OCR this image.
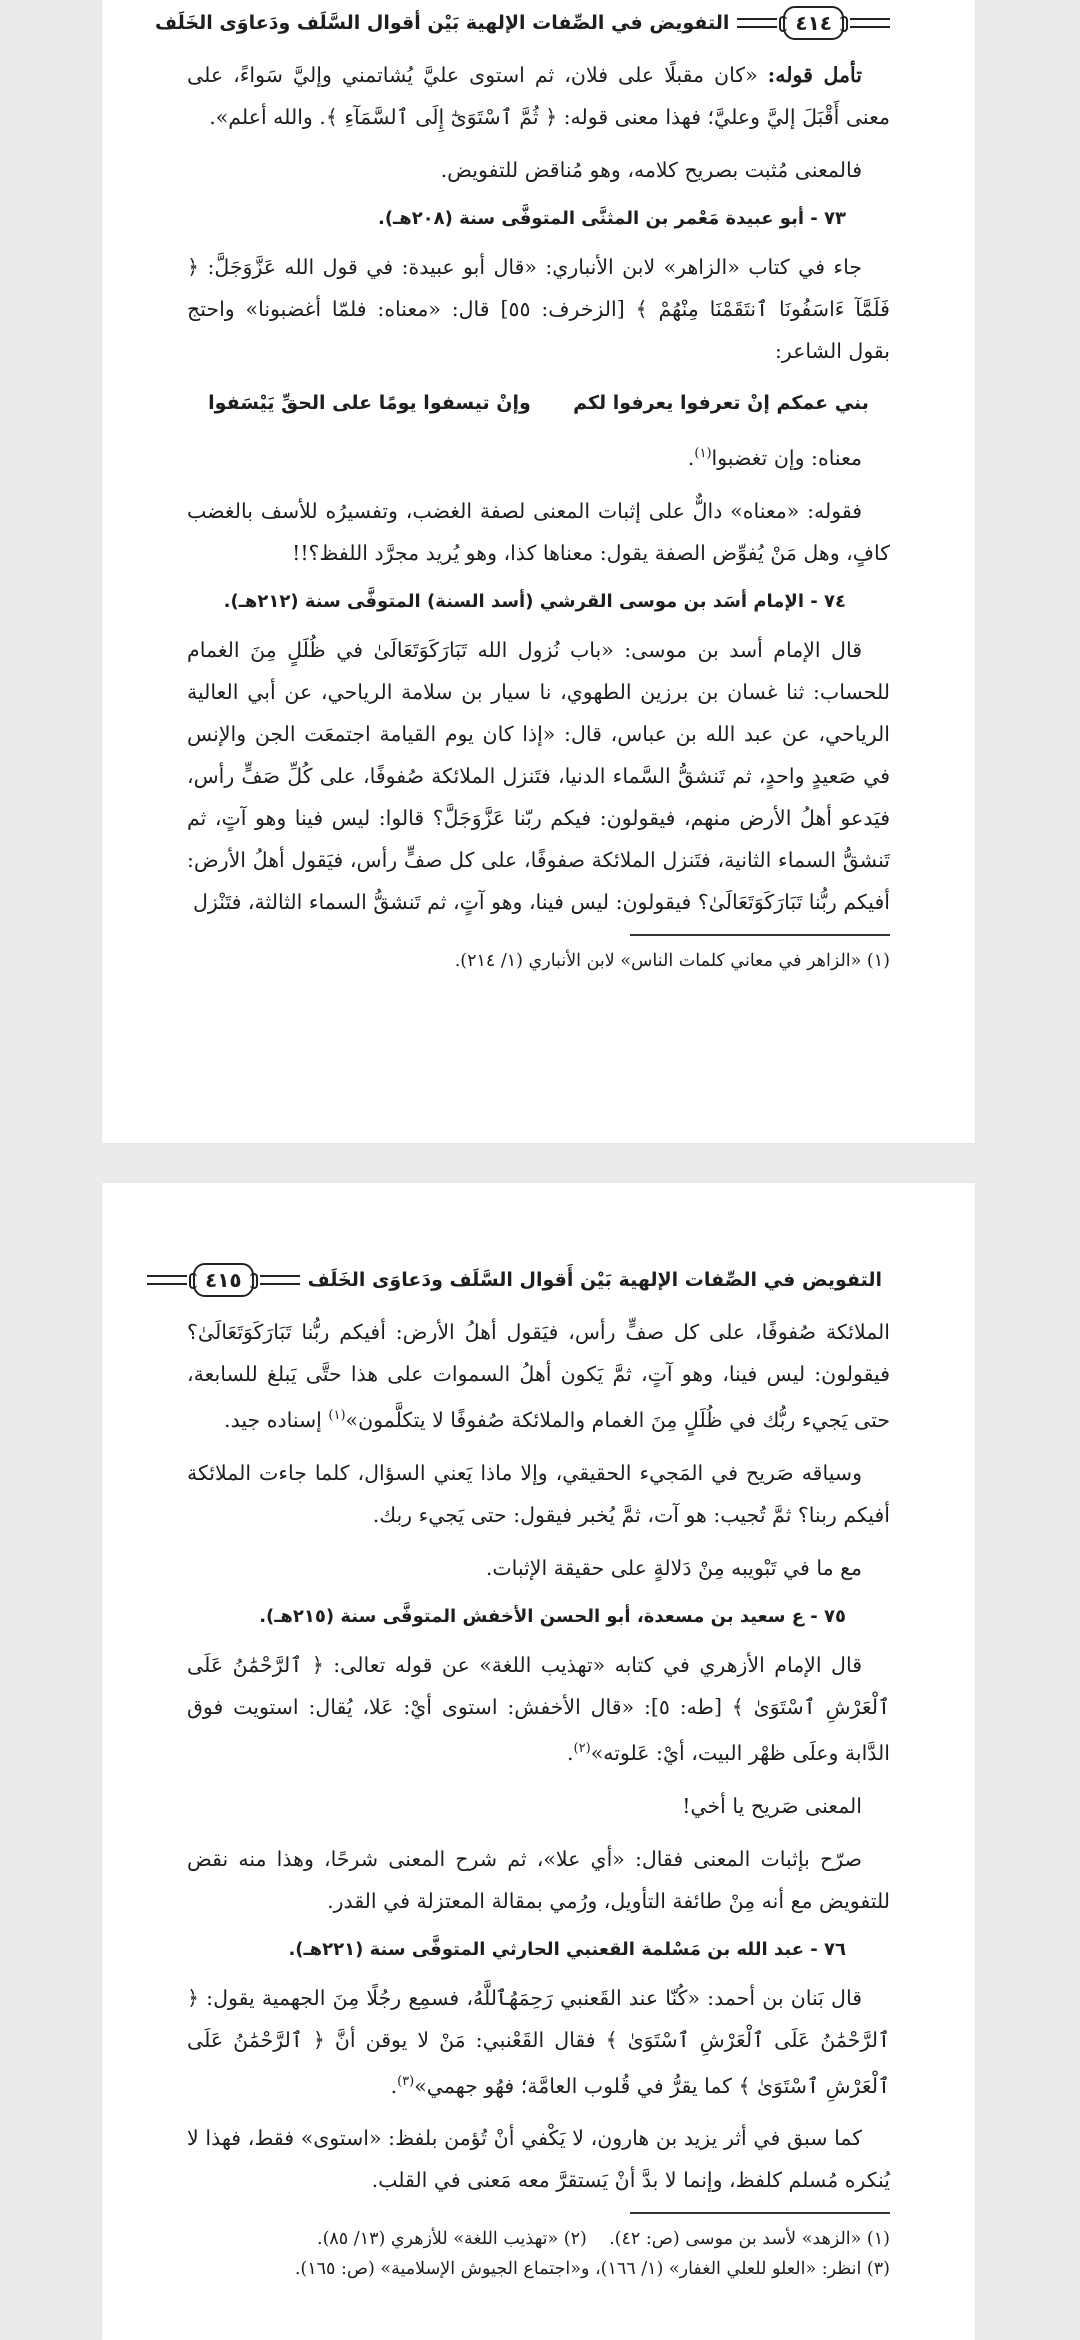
٤١٤
التفويض في الصِّفات الإلهية بَيْن أقوال السَّلَف ودَعاوَى الخَلَف

تأمل قوله: «كان مقبلًا على فلان، ثم استوى عليَّ يُشاتمني وإليَّ سَواءً، على معنى أَقْبَلَ إليَّ وعليَّ؛ فهذا معنى قوله: ﴿ ثُمَّ ٱسْتَوَىٰٓ إِلَى ٱلسَّمَآءِ ﴾. والله أعلم».

فالمعنى مُثبت بصريح كلامه، وهو مُناقض للتفويض.

٧٣ - أبو عبيدة مَعْمر بن المثنَّى المتوفَّى سنة (٢٠٨هـ).

جاء في كتاب «الزاهر» لابن الأنباري: «قال أبو عبيدة: في قول الله عَزَّوَجَلَّ: ﴿ فَلَمَّآ ءَاسَفُونَا ٱنتَقَمْنَا مِنْهُمْ ﴾ [الزخرف: ٥٥] قال: «معناه: فلمّا أغضبونا» واحتج بقول الشاعر:

بني عمكم إنْ تعرفوا يعرفوا لكم
وإنْ تيسفوا يومًا على الحقِّ يَيْسَفوا

معناه: وإن تغضبوا$^{(١)}$.

فقوله: «معناه» دالٌّ على إثبات المعنى لصفة الغضب، وتفسيرُه للأسف بالغضب كافٍ، وهل مَنْ يُفوِّض الصفة يقول: معناها كذا، وهو يُريد مجرَّد اللفظ؟!!

٧٤ - الإمام أسَد بن موسى القرشي (أسد السنة) المتوفَّى سنة (٢١٢هـ).

قال الإمام أسد بن موسى: «باب نُزول الله تَبَارَكَوَتَعَالَىٰ في ظُلَلٍ مِنَ الغمام للحساب: ثنا غسان بن برزين الطهوي، نا سيار بن سلامة الرياحي، عن أبي العالية الرياحي، عن عبد الله بن عباس، قال: «إذا كان يوم القيامة اجتمعَت الجن والإنس في صَعيدٍ واحدٍ، ثم تَنشقُّ السَّماء الدنيا، فتَنزل الملائكة صُفوفًا، على كُلِّ صَفٍّ رأس، فيَدعو أهلُ الأرض منهم، فيقولون: فيكم ربّنا عَزَّوَجَلَّ؟ قالوا: ليس فينا وهو آتٍ، ثم تَنشقُّ السماء الثانية، فتَنزل الملائكة صفوفًا، على كل صفٍّ رأس، فيَقول أهلُ الأرض: أفيكم ربُّنا تَبَارَكَوَتَعَالَىٰ؟ فيقولون: ليس فينا، وهو آتٍ، ثم تَنشقُّ السماء الثالثة، فتَنْزل

(١) «الزاهر في معاني كلمات الناس» لابن الأنباري (١/ ٢١٤).

التفويض في الصِّفات الإلهية بَيْن أَقوال السَّلَف ودَعاوَى الخَلَف
٤١٥

الملائكة صُفوفًا، على كل صفٍّ رأس، فيَقول أهلُ الأرض: أفيكم ربُّنا تَبَارَكَوَتَعَالَىٰ؟ فيقولون: ليس فينا، وهو آتٍ، ثمَّ يَكون أهلُ السموات على هذا حتَّى يَبلغ للسابعة، حتى يَجيء ربُّك في ظُلَلٍ مِنَ الغمام والملائكة صُفوفًا لا يتكلَّمون»$^{(١)}$ إسناده جيد.

وسياقه صَريح في المَجيء الحقيقي، وإلا ماذا يَعني السؤال، كلما جاءت الملائكة أفيكم ربنا؟ ثمَّ تُجيب: هو آت، ثمَّ يُخبر فيقول: حتى يَجيء ربك.

مع ما في تَبْويبه مِنْ دَلالةٍ على حقيقة الإثبات.

٧٥ - ع سعيد بن مسعدة، أبو الحسن الأخفش المتوفَّى سنة (٢١٥هـ).

قال الإمام الأزهري في كتابه «تهذيب اللغة» عن قوله تعالى: ﴿ ٱلرَّحْمَٰنُ عَلَى ٱلْعَرْشِ ٱسْتَوَىٰ ﴾ [طه: ٥]: «قال الأخفش: استوى أيْ: عَلا، يُقال: استويت فوق الدَّابة وعلَى ظهْر البيت، أيْ: عَلوته»$^{(٢)}$.

المعنى صَريح يا أخي!

صرّح بإثبات المعنى فقال: «أي علا»، ثم شرح المعنى شرحًا، وهذا منه نقض للتفويض مع أنه مِنْ طائفة التأويل، ورُمي بمقالة المعتزلة في القدر.

٧٦ - عبد الله بن مَسْلمة القعنبي الحارثي المتوفَّى سنة (٢٢١هـ).

قال بَنان بن أحمد: «كُنّا عند القَعنبي رَحِمَهُٱللَّهُ، فسمِع رجُلًا مِنَ الجهمية يقول: ﴿ ٱلرَّحْمَٰنُ عَلَى ٱلْعَرْشِ ٱسْتَوَىٰ ﴾ فقال القَعْنبي: مَنْ لا يوقن أنَّ ﴿ ٱلرَّحْمَٰنُ عَلَى ٱلْعَرْشِ ٱسْتَوَىٰ ﴾ كما يقرُّ في قُلوب العامَّة؛ فهُو جهمي»$^{(٣)}$.

كما سبق في أثر يزيد بن هارون، لا يَكْفي أنْ تُؤمن بلفظ: «استوى» فقط، فهذا لا يُنكره مُسلم كلفظ، وإنما لا بدَّ أنْ يَستقرَّ معه مَعنى في القلب.

(١) «الزهد» لأسد بن موسى (ص: ٤٢).    (٢) «تهذيب اللغة» للأزهري (١٣/ ٨٥).

(٣) انظر: «العلو للعلي الغفار» (١/ ١٦٦)، و«اجتماع الجيوش الإسلامية» (ص: ١٦٥).
